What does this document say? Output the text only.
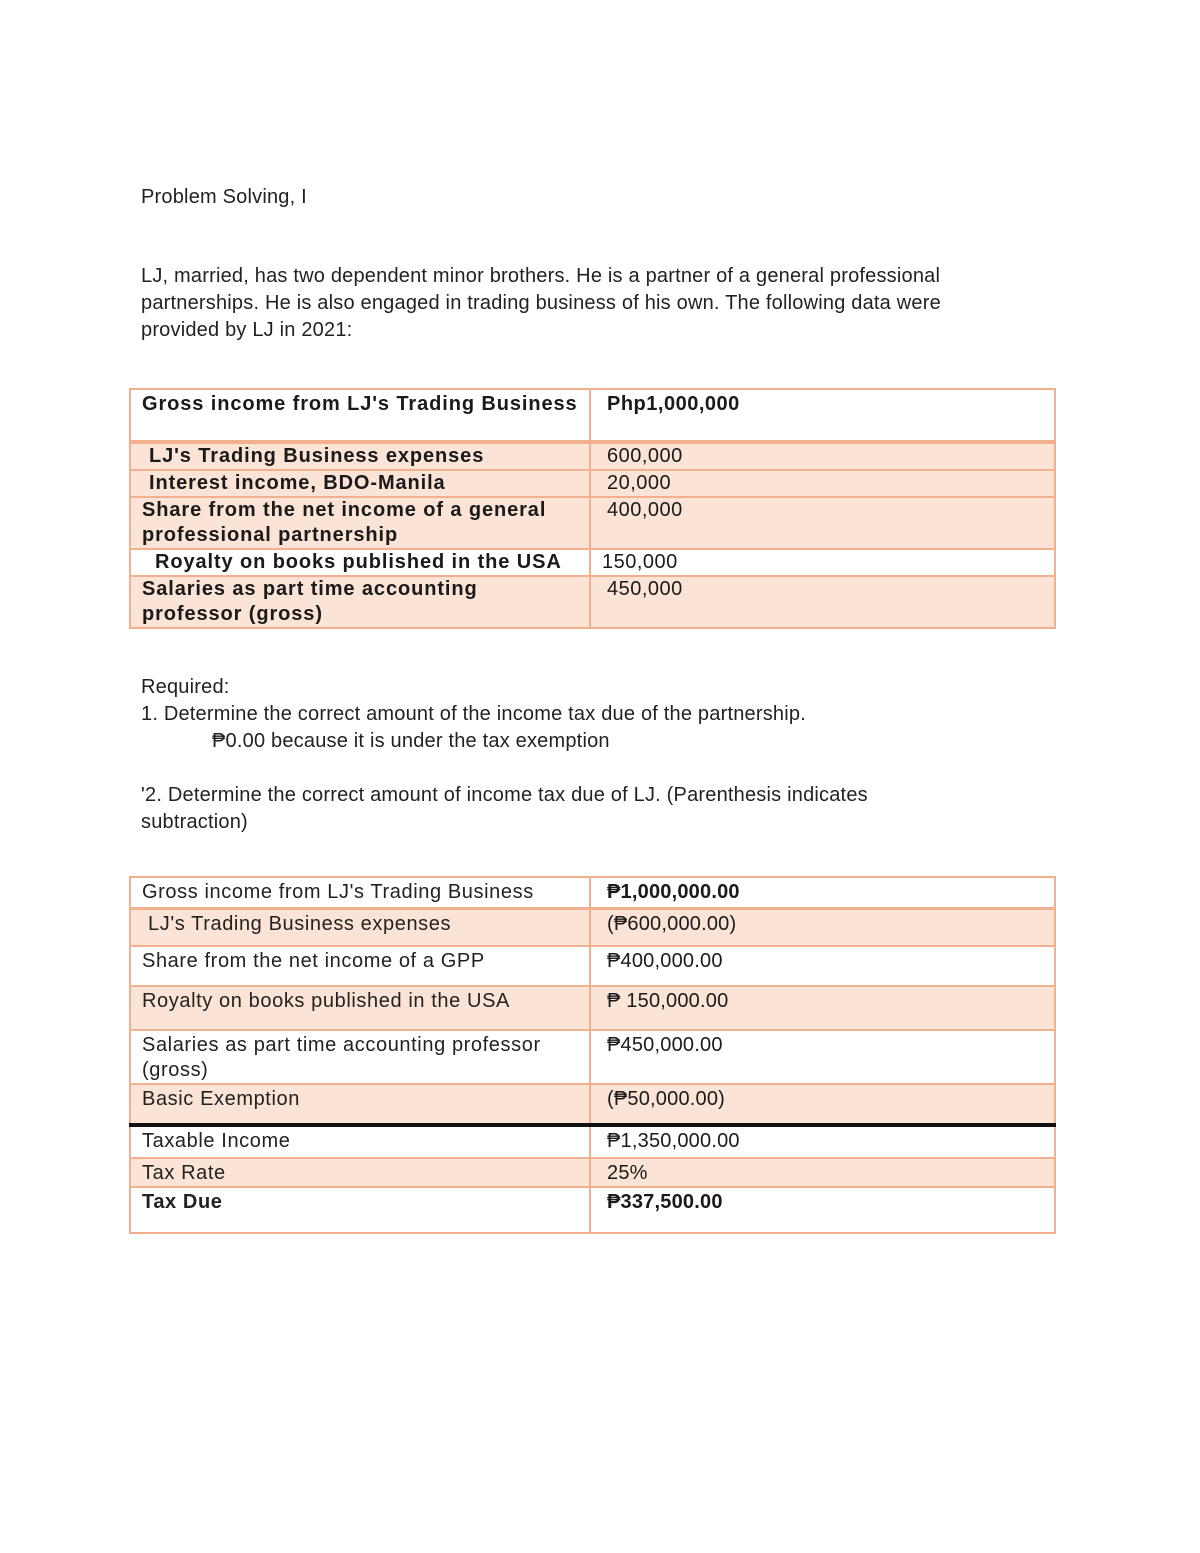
Problem Solving, I
LJ, married, has two dependent minor brothers. He is a partner of a general professional
partnerships. He is also engaged in trading business of his own. The following data were
provided by LJ in 2021:
Gross income from LJ's Trading Business	Php1,000,000
LJ's Trading Business expenses	600,000
Interest income, BDO-Manila	20,000
Share from the net income of a general professional partnership	400,000
Royalty on books published in the USA	150,000
Salaries as part time accounting professor (gross)	450,000
Required:
1. Determine the correct amount of the income tax due of the partnership.
₱0.00 because it is under the tax exemption
'2. Determine the correct amount of income tax due of LJ. (Parenthesis indicates
subtraction)
Gross income from LJ's Trading Business	₱1,000,000.00
LJ's Trading Business expenses	(₱600,000.00)
Share from the net income of a GPP	₱400,000.00
Royalty on books published in the USA	₱ 150,000.00
Salaries as part time accounting professor (gross)	₱450,000.00
Basic Exemption	(₱50,000.00)
Taxable Income	₱1,350,000.00
Tax Rate	25%
Tax Due	₱337,500.00
